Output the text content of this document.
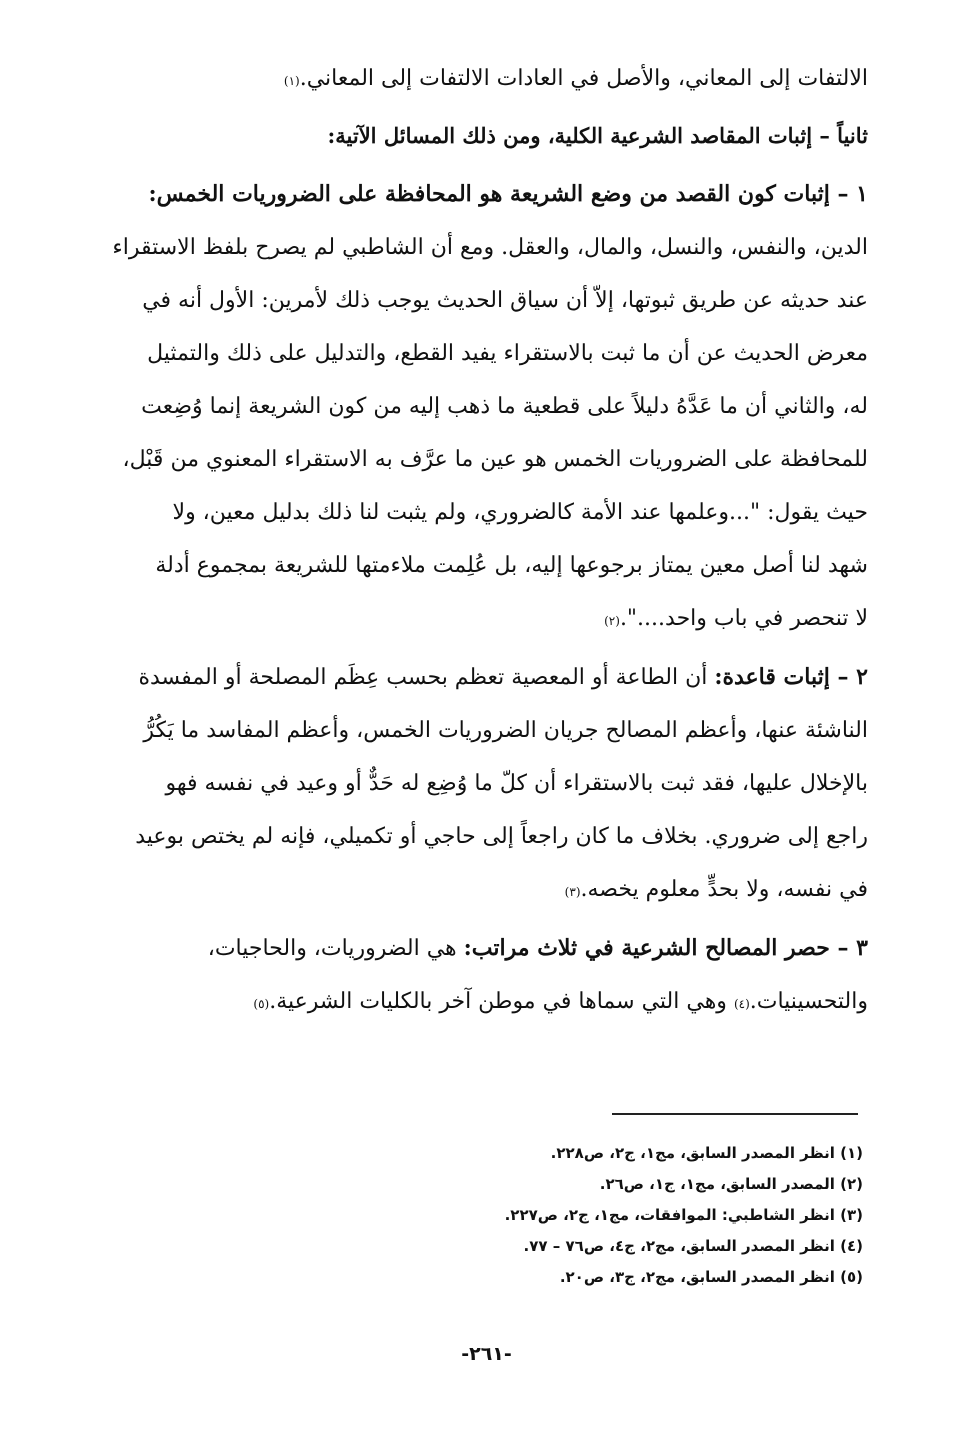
الالتفات إلى المعاني، والأصل في العادات الالتفات إلى المعاني.
(١)
ثانياً – إثبات المقاصد الشرعية الكلية، ومن ذلك المسائل الآتية:
١ – إثبات كون القصد من وضع الشريعة هو المحافظة على الضروريات الخمس:
الدين، والنفس، والنسل، والمال، والعقل. ومع أن الشاطبي لم يصرح بلفظ الاستقراء
عند حديثه عن طريق ثبوتها، إلاّ أن سياق الحديث يوجب ذلك لأمرين: الأول أنه في
معرض الحديث عن أن ما ثبت بالاستقراء يفيد القطع، والتدليل على ذلك والتمثيل
له، والثاني أن ما عَدَّهُ دليلاً على قطعية ما ذهب إليه من كون الشريعة إنما وُضِعت
للمحافظة على الضروريات الخمس هو عين ما عرَّف به الاستقراء المعنوي من قَبْل،
حيث يقول: "...وعلمها عند الأمة كالضروري، ولم يثبت لنا ذلك بدليل معين، ولا
شهد لنا أصل معين يمتاز برجوعها إليه، بل عُلِمت ملاءمتها للشريعة بمجموع أدلة
لا تنحصر في باب واحد....".
(٢)
٢ – إثبات قاعدة:

أن الطاعة أو المعصية تعظم بحسب عِظَم المصلحة أو المفسدة
الناشئة عنها، وأعظم المصالح جريان الضروريات الخمس، وأعظم المفاسد ما يَكُرُّ
بالإخلال عليها، فقد ثبت بالاستقراء أن كلّ ما وُضِع له حَدٌّ أو وعيد في نفسه فهو
راجع إلى ضروري. بخلاف ما كان راجعاً إلى حاجي أو تكميلي، فإنه لم يختص بوعيد
في نفسه، ولا بحدٍّ معلوم يخصه.
(٣)
٣ – حصر المصالح الشرعية في ثلاث مراتب:

هي الضروريات، والحاجيات،
والتحسينيات.
(٤)

وهي التي سماها في موطن آخر بالكليات الشرعية.
(٥)
(١) انظر المصدر السابق، مج١، ج٢، ص٢٢٨.
(٢) المصدر السابق، مج١، ج١، ص٢٦.
(٣) انظر الشاطبي: الموافقات، مج١، ج٢، ص٢٢٧.
(٤) انظر المصدر السابق، مج٢، ج٤، ص٧٦ – ٧٧.
(٥) انظر المصدر السابق، مج٢، ج٣، ص٢٠.
-٢٦١-
